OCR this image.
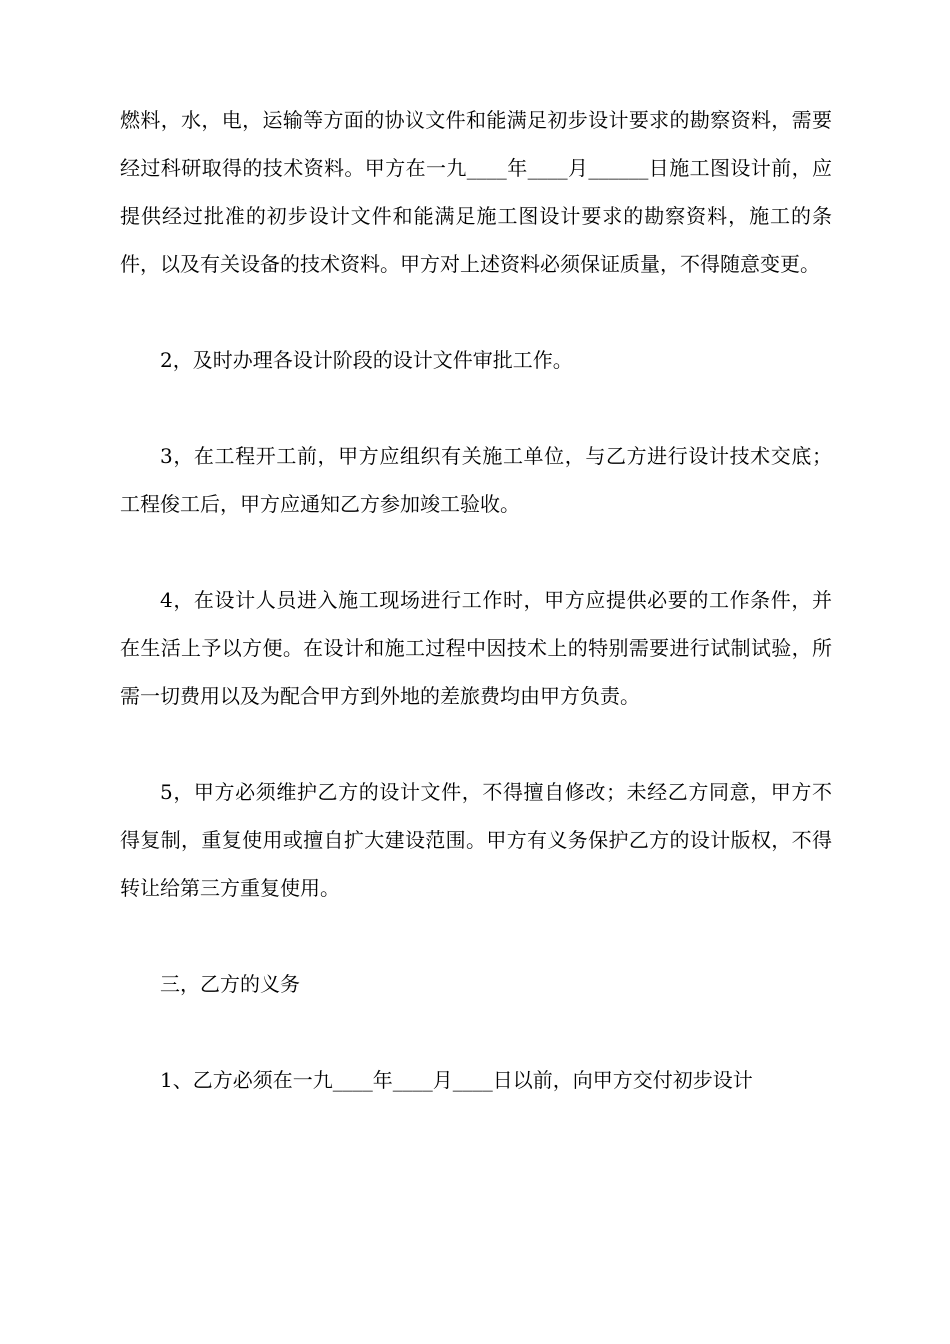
燃料，水，电，运输等方面的协议文件和能满足初步设计要求的勘察资料，需要经过科研取得的技术资料。甲方在一九____年____月______日施工图设计前，应提供经过批准的初步设计文件和能满足施工图设计要求的勘察资料，施工的条件，以及有关设备的技术资料。甲方对上述资料必须保证质量，不得随意变更。

2，及时办理各设计阶段的设计文件审批工作。

3，在工程开工前，甲方应组织有关施工单位，与乙方进行设计技术交底；工程俊工后，甲方应通知乙方参加竣工验收。

4，在设计人员进入施工现场进行工作时，甲方应提供必要的工作条件，并在生活上予以方便。在设计和施工过程中因技术上的特别需要进行试制试验，所需一切费用以及为配合甲方到外地的差旅费均由甲方负责。

5，甲方必须维护乙方的设计文件，不得擅自修改；未经乙方同意，甲方不得复制，重复使用或擅自扩大建设范围。甲方有义务保护乙方的设计版权，不得转让给第三方重复使用。

三，乙方的义务

1、乙方必须在一九____年____月____日以前，向甲方交付初步设计
